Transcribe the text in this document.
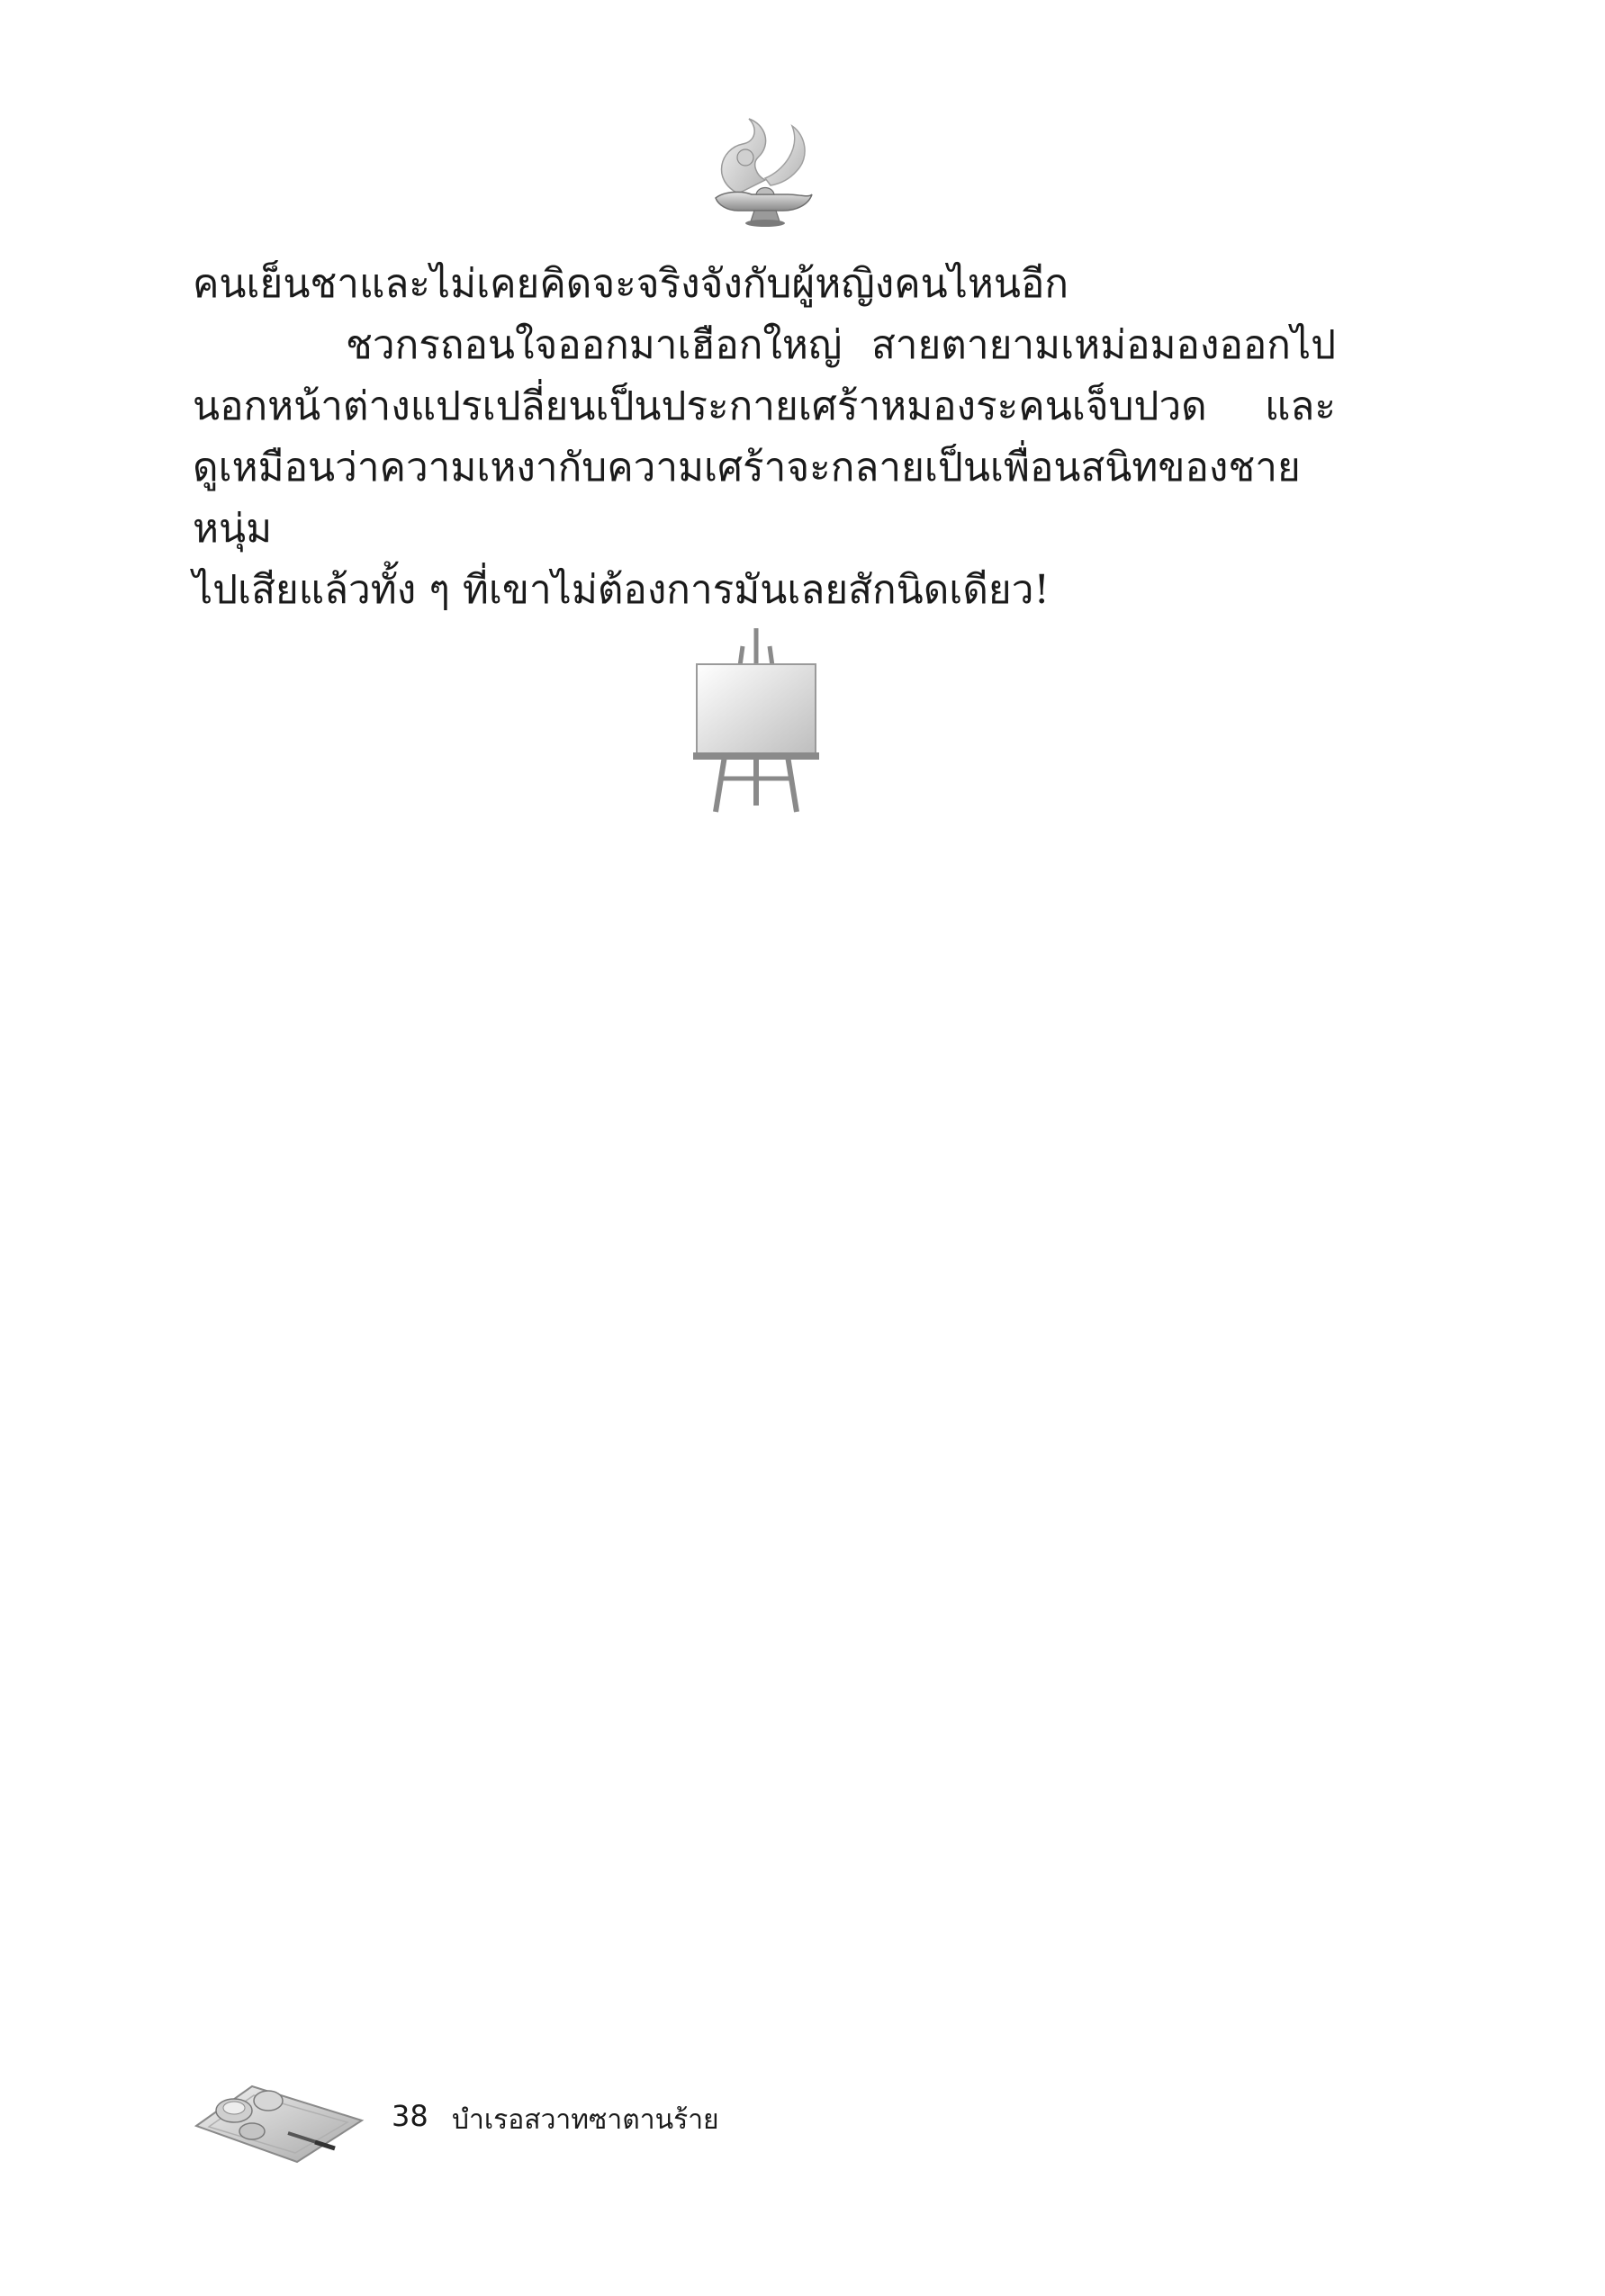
คนเย็นชาและไม่เคยคิดจะจริงจังกับผู้หญิงคนไหนอีก
ชวกรถอนใจออกมาเฮือกใหญ่ สายตายามเหม่อมองออกไป
นอกหน้าต่างแปรเปลี่ยนเป็นประกายเศร้าหมองระคนเจ็บปวด และ
ดูเหมือนว่าความเหงากับความเศร้าจะกลายเป็นเพื่อนสนิทของชายหนุ่ม
ไปเสียแล้วทั้ง ๆ ที่เขาไม่ต้องการมันเลยสักนิดเดียว!
38 บำเรอสวาทซาตานร้าย
